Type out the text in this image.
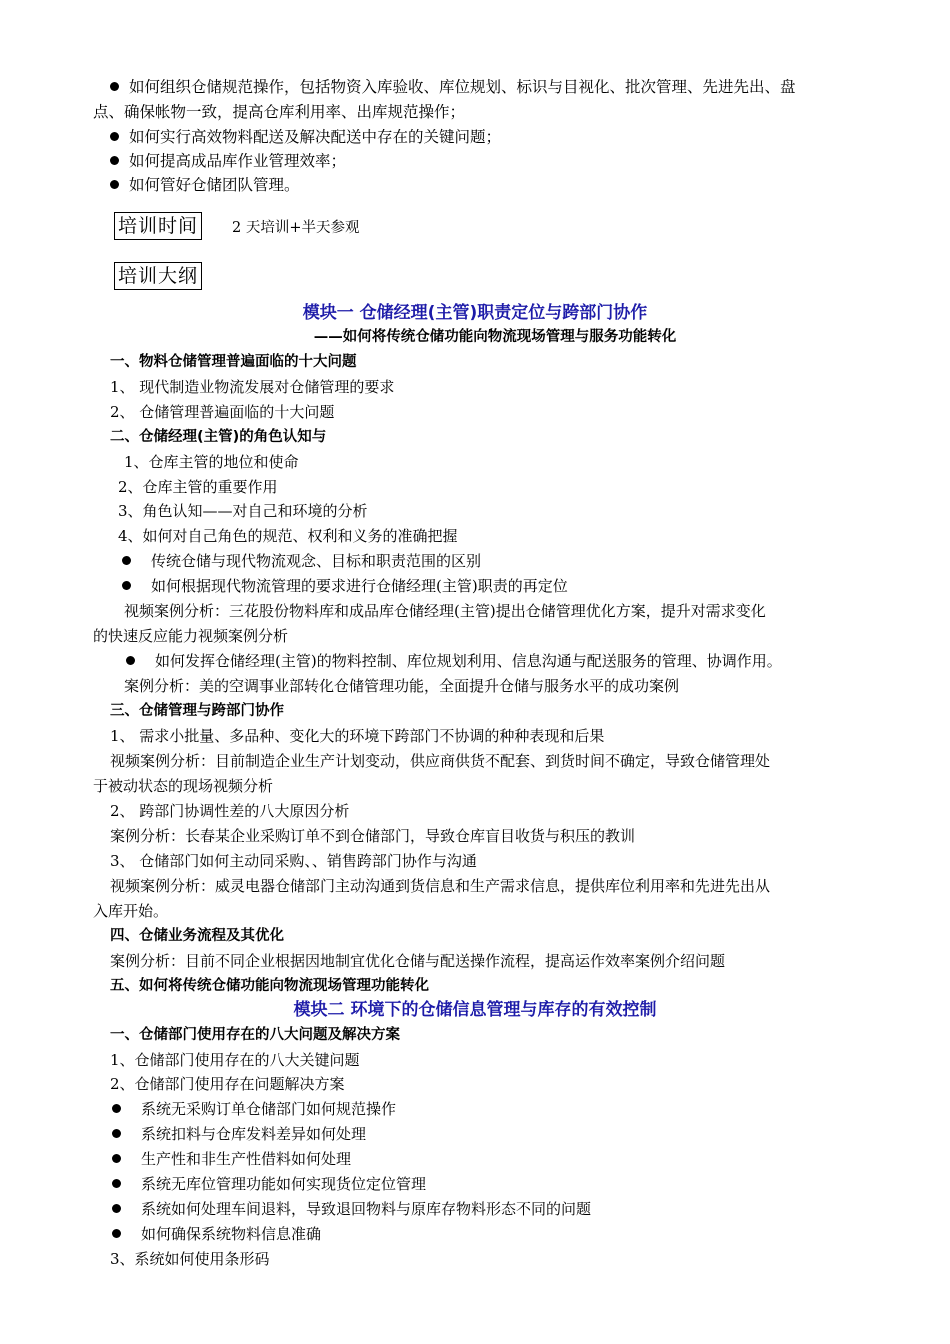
如何组织仓储规范操作，包括物资入库验收、库位规划、标识与目视化、批次管理、先进先出、盘
点、确保帐物一致，提高仓库利用率、出库规范操作；
如何实行高效物料配送及解决配送中存在的关键问题；
如何提高成品库作业管理效率；
如何管好仓储团队管理。
培训时间 2 天培训+半天参观
培训大纲
模块一 仓储经理(主管)职责定位与跨部门协作
——如何将传统仓储功能向物流现场管理与服务功能转化
一、物料仓储管理普遍面临的十大问题
1、 现代制造业物流发展对仓储管理的要求
2、 仓储管理普遍面临的十大问题
二、仓储经理(主管)的角色认知与
1、仓库主管的地位和使命
2、仓库主管的重要作用
3、角色认知——对自己和环境的分析
4、如何对自己角色的规范、权利和义务的准确把握
传统仓储与现代物流观念、目标和职责范围的区别
如何根据现代物流管理的要求进行仓储经理(主管)职责的再定位
视频案例分析：三花股份物料库和成品库仓储经理(主管)提出仓储管理优化方案，提升对需求变化
的快速反应能力视频案例分析
如何发挥仓储经理(主管)的物料控制、库位规划利用、信息沟通与配送服务的管理、协调作用。
案例分析：美的空调事业部转化仓储管理功能，全面提升仓储与服务水平的成功案例
三、仓储管理与跨部门协作
1、 需求小批量、多品种、变化大的环境下跨部门不协调的种种表现和后果
视频案例分析：目前制造企业生产计划变动，供应商供货不配套、到货时间不确定，导致仓储管理处
于被动状态的现场视频分析
2、 跨部门协调性差的八大原因分析
案例分析：长春某企业采购订单不到仓储部门，导致仓库盲目收货与积压的教训
3、 仓储部门如何主动同采购、、销售跨部门协作与沟通
视频案例分析：威灵电器仓储部门主动沟通到货信息和生产需求信息，提供库位利用率和先进先出从
入库开始。
四、仓储业务流程及其优化
案例分析：目前不同企业根据因地制宜优化仓储与配送操作流程，提高运作效率案例介绍问题
五、如何将传统仓储功能向物流现场管理功能转化
模块二 环境下的仓储信息管理与库存的有效控制
一、仓储部门使用存在的八大问题及解决方案
1、仓储部门使用存在的八大关键问题
2、仓储部门使用存在问题解决方案
系统无采购订单仓储部门如何规范操作
系统扣料与仓库发料差异如何处理
生产性和非生产性借料如何处理
系统无库位管理功能如何实现货位定位管理
系统如何处理车间退料，导致退回物料与原库存物料形态不同的问题
如何确保系统物料信息准确
3、系统如何使用条形码
